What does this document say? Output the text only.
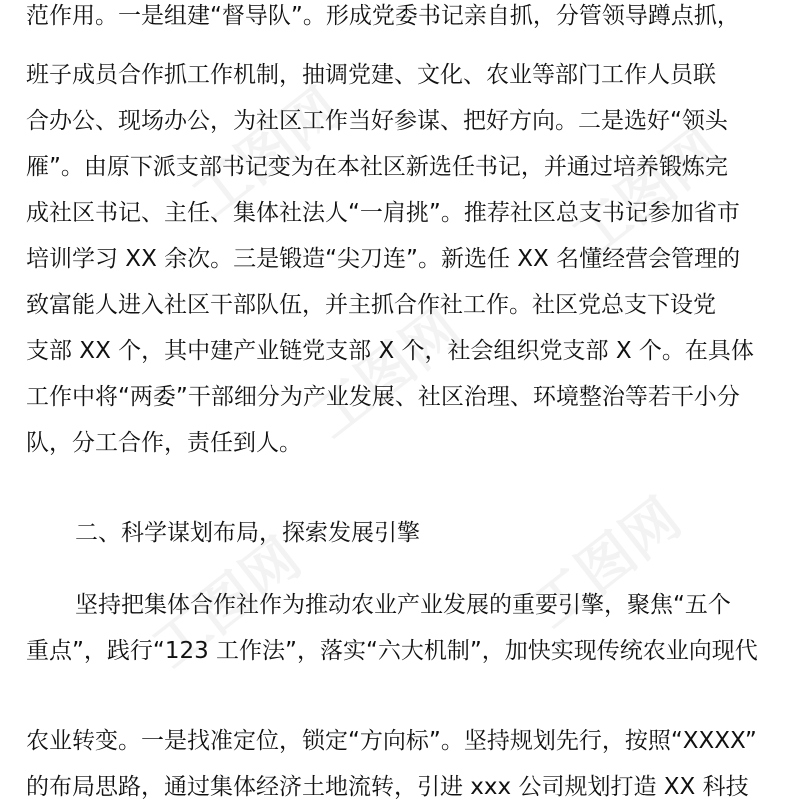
范作用。一是组建“督导队”。形成党委书记亲自抓，分管领导蹲点抓，
班子成员合作抓工作机制，抽调党建、文化、农业等部门工作人员联
合办公、现场办公，为社区工作当好参谋、把好方向。二是选好“领头
雁”。由原下派支部书记变为在本社区新选任书记，并通过培养锻炼完
成社区书记、主任、集体社法人“一肩挑”。推荐社区总支书记参加省市
培训学习 XX 余次。三是锻造“尖刀连”。新选任 XX 名懂经营会管理的
致富能人进入社区干部队伍，并主抓合作社工作。社区党总支下设党
支部 XX 个，其中建产业链党支部 X 个，社会组织党支部 X 个。在具体
工作中将“两委”干部细分为产业发展、社区治理、环境整治等若干小分
队，分工合作，责任到人。
二、科学谋划布局，探索发展引擎
坚持把集体合作社作为推动农业产业发展的重要引擎，聚焦“五个
重点”，践行“123 工作法”，落实“六大机制”，加快实现传统农业向现代
农业转变。一是找准定位，锁定“方向标”。坚持规划先行，按照“XXXX”
的布局思路，通过集体经济土地流转，引进 xxx 公司规划打造 XX 科技
